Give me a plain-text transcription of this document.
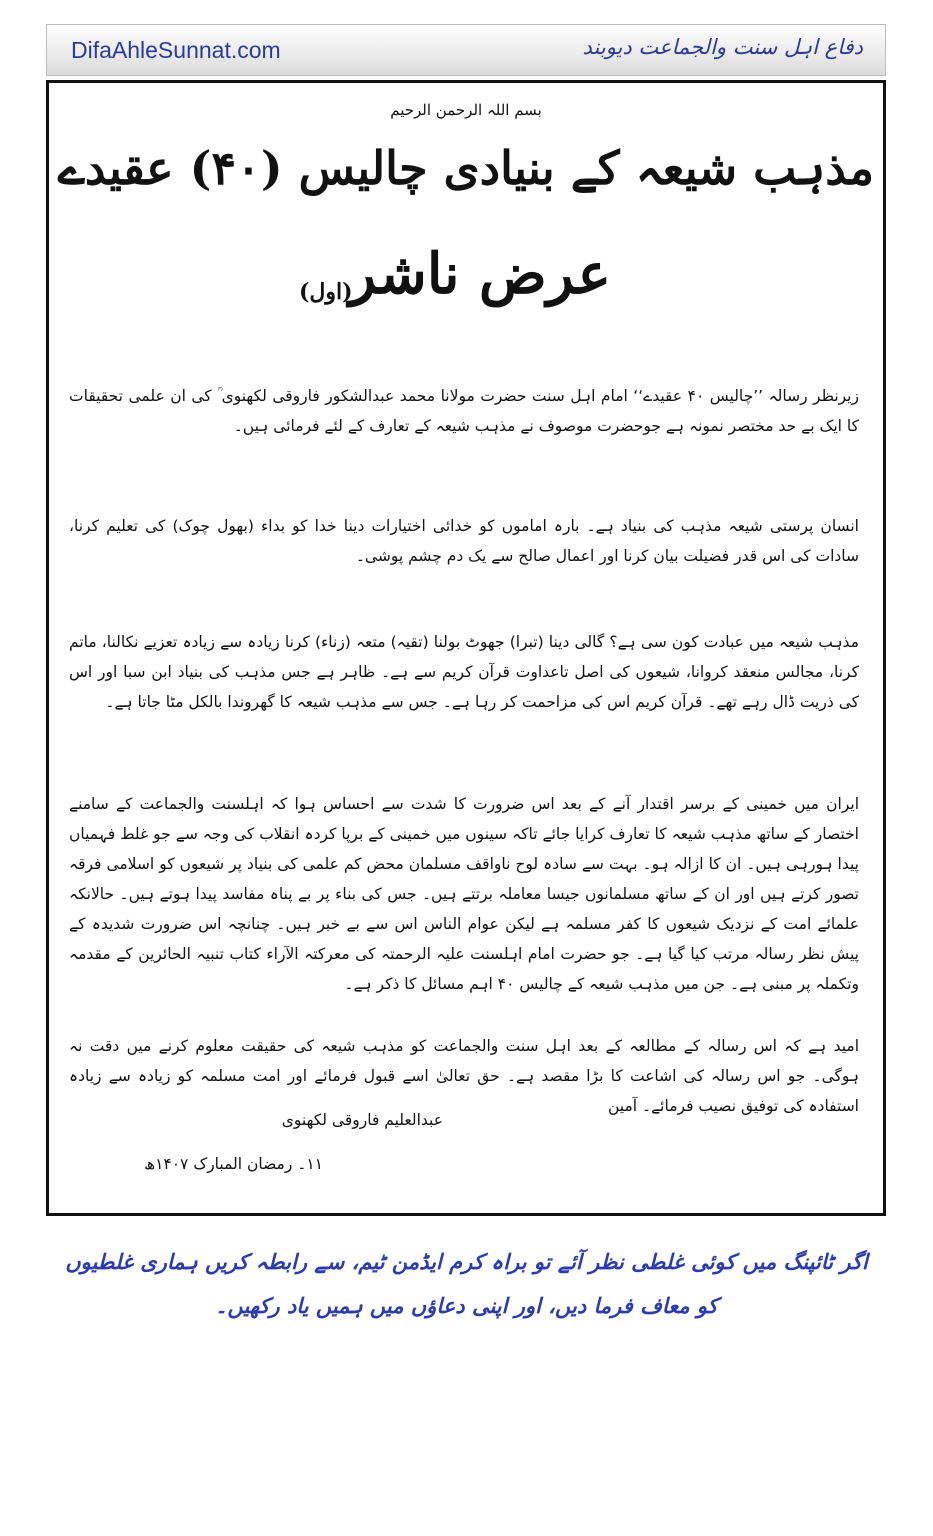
DifaAhleSunnat.com	دفاع اہل سنت والجماعت دیوبند
بسم اللہ الرحمن الرحیم
مذہب شیعہ کے بنیادی چالیس (۴۰) عقیدے
عرض ناشر
(اول)
زیرنظر رسالہ ’’چالیس ۴۰ عقیدے‘‘ امام اہل سنت حضرت مولانا محمد عبدالشکور فاروقی لکھنوی ؒ کی ان علمی تحقیقات کا ایک بے حد مختصر نمونہ ہے جوحضرت موصوف نے مذہب شیعہ کے تعارف کے لئے فرمائی ہیں۔
انسان پرستی شیعہ مذہب کی بنیاد ہے۔ بارہ اماموں کو خدائی اختیارات دینا خدا کو بداء (بھول چوک) کی تعلیم کرنا، سادات کی اس قدر فضیلت بیان کرنا اور اعمال صالح سے یک دم چشم پوشی۔
مذہب شیعہ میں عبادت کون سی ہے؟ گالی دینا (تبرا) جھوٹ بولنا (تقیہ) متعہ (زناء) کرنا زیادہ سے زیادہ تعزیے نکالنا، ماتم کرنا، مجالس منعقد کروانا، شیعوں کی اصل تاعداوت قرآن کریم سے ہے۔ ظاہر ہے جس مذہب کی بنیاد ابن سبا اور اس کی ذریت ڈال رہے تھے۔ قرآن کریم اس کی مزاحمت کر رہا ہے۔ جس سے مذہب شیعہ کا گھروندا بالکل مٹا جاتا ہے۔
ایران میں خمینی کے برسر اقتدار آنے کے بعد اس ضرورت کا شدت سے احساس ہوا کہ اہلسنت والجماعت کے سامنے اختصار کے ساتھ مذہب شیعہ کا تعارف کرایا جائے تاکہ سینوں میں خمینی کے برپا کردہ انقلاب کی وجہ سے جو غلط فہمیاں پیدا ہورہی ہیں۔ ان کا ازالہ ہو۔ بہت سے سادہ لوح ناواقف مسلمان محض کم علمی کی بنیاد پر شیعوں کو اسلامی فرقہ تصور کرتے ہیں اور ان کے ساتھ مسلمانوں جیسا معاملہ برتتے ہیں۔ جس کی بناء پر بے پناہ مفاسد پیدا ہوتے ہیں۔ حالانکہ علمائے امت کے نزدیک شیعوں کا کفر مسلمہ ہے لیکن عوام الناس اس سے بے خبر ہیں۔ چنانچہ اس ضرورت شدیدہ کے پیش نظر رسالہ مرتب کیا گیا ہے۔ جو حضرت امام اہلسنت علیہ الرحمتہ کی معرکتہ الآراء کتاب تنبیہ الحائرین کے مقدمہ وتکملہ پر مبنی ہے۔ جن میں مذہب شیعہ کے چالیس ۴۰ اہم مسائل کا ذکر ہے۔
امید ہے کہ اس رسالہ کے مطالعہ کے بعد اہل سنت والجماعت کو مذہب شیعہ کی حقیقت معلوم کرنے میں دقت نہ ہوگی۔ جو اس رسالہ کی اشاعت کا بڑا مقصد ہے۔ حق تعالیٰ اسے قبول فرمائے اور امت مسلمہ کو زیادہ سے زیادہ استفادہ کی توفیق نصیب فرمائے۔ آمین
عبدالعلیم فاروقی لکھنوی
۱۱۔ رمضان المبارک ۱۴۰۷ھ
اگر ٹائپنگ میں کوئی غلطی نظر آئے تو براہ کرم ایڈمن ٹیم، سے رابطہ کریں ہماری غلطیوں کو معاف فرما دیں، اور اپنی دعاؤں میں ہمیں یاد رکھیں۔
